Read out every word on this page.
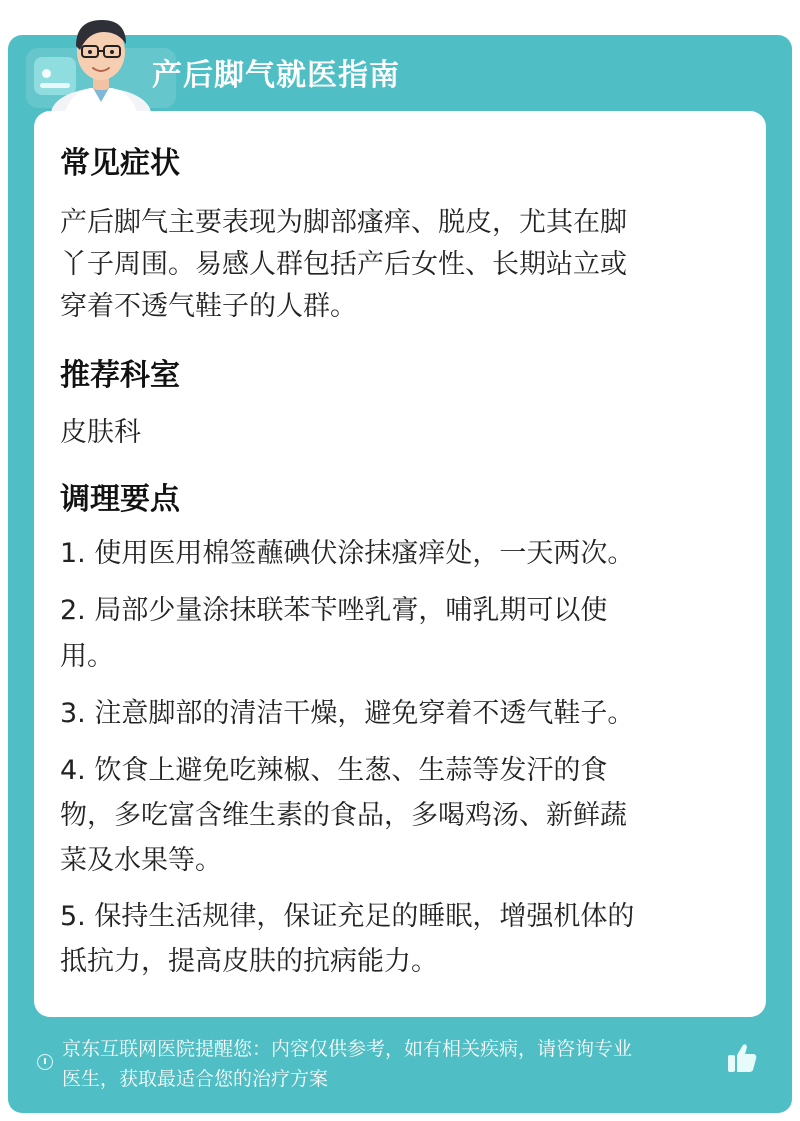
产后脚气就医指南
常见症状
产后脚气主要表现为脚部瘙痒、脱皮，尤其在脚
丫子周围。易感人群包括产后女性、长期站立或
穿着不透气鞋子的人群。
推荐科室
皮肤科
调理要点
1. 使用医用棉签蘸碘伏涂抹瘙痒处，一天两次。
2. 局部少量涂抹联苯苄唑乳膏，哺乳期可以使
用。
3. 注意脚部的清洁干燥，避免穿着不透气鞋子。
4. 饮食上避免吃辣椒、生葱、生蒜等发汗的食
物，多吃富含维生素的食品，多喝鸡汤、新鲜蔬
菜及水果等。
5. 保持生活规律，保证充足的睡眠，增强机体的
抵抗力，提高皮肤的抗病能力。
京东互联网医院提醒您：内容仅供参考，如有相关疾病，请咨询专业
医生，获取最适合您的治疗方案
